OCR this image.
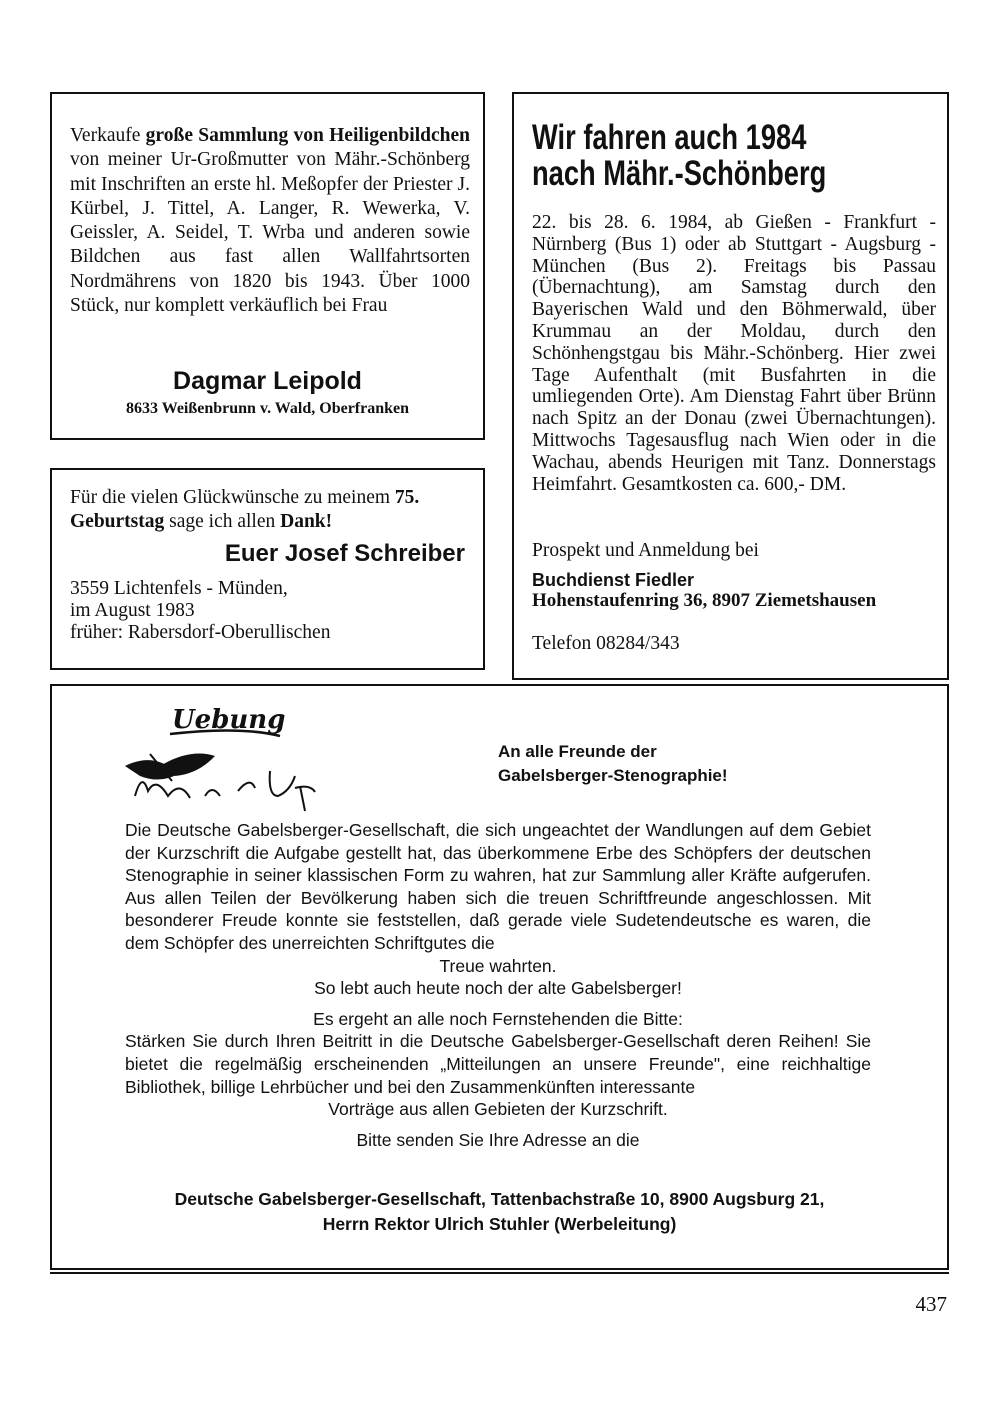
Verkaufe große Sammlung von Heiligenbildchen von meiner Ur-Großmutter von Mähr.-Schönberg mit Inschriften an erste hl. Meßopfer der Priester J. Kürbel, J. Tittel, A. Langer, R. Wewerka, V. Geissler, A. Seidel, T. Wrba und anderen sowie Bildchen aus fast allen Wallfahrtsorten Nordmährens von 1820 bis 1943. Über 1000 Stück, nur komplett verkäuflich bei Frau

Dagmar Leipold
8633 Weißenbrunn v. Wald, Oberfranken

Für die vielen Glückwünsche zu meinem 75. Geburtstag sage ich allen Dank!

Euer Josef Schreiber
3559 Lichtenfels - Münden,
im August 1983
früher: Rabersdorf-Oberullischen
Wir fahren auch 1984
nach Mähr.-Schönberg

22. bis 28. 6. 1984, ab Gießen - Frankfurt - Nürnberg (Bus 1) oder ab Stuttgart - Augsburg - München (Bus 2). Freitags bis Passau (Übernachtung), am Samstag durch den Bayerischen Wald und den Böhmerwald, über Krummau an der Moldau, durch den Schönhengstgau bis Mähr.-Schönberg. Hier zwei Tage Aufenthalt (mit Busfahrten in die umliegenden Orte). Am Dienstag Fahrt über Brünn nach Spitz an der Donau (zwei Übernachtungen). Mittwochs Tagesausflug nach Wien oder in die Wachau, abends Heurigen mit Tanz. Donnerstags Heimfahrt. Gesamtkosten ca. 600,- DM.

Prospekt und Anmeldung bei
Buchdienst Fiedler
Hohenstaufenring 36, 8907 Ziemetshausen
Telefon 08284/343
Uebung
An alle Freunde der
Gabelsberger-Stenographie!

Die Deutsche Gabelsberger-Gesellschaft, die sich ungeachtet der Wandlungen auf dem Gebiet der Kurzschrift die Aufgabe gestellt hat, das überkommene Erbe des Schöpfers der deutschen Stenographie in seiner klassischen Form zu wahren, hat zur Sammlung aller Kräfte aufgerufen. Aus allen Teilen der Bevölkerung haben sich die treuen Schriftfreunde angeschlossen. Mit besonderer Freude konnte sie feststellen, daß gerade viele Sudetendeutsche es waren, die dem Schöpfer des unerreichten Schriftgutes die

Treue wahrten.

So lebt auch heute noch der alte Gabelsberger!

Es ergeht an alle noch Fernstehenden die Bitte:

Stärken Sie durch Ihren Beitritt in die Deutsche Gabelsberger-Gesellschaft deren Reihen! Sie bietet die regelmäßig erscheinenden „Mitteilungen an unsere Freunde", eine reichhaltige Bibliothek, billige Lehrbücher und bei den Zusammenkünften interessante

Vorträge aus allen Gebieten der Kurzschrift.

Bitte senden Sie Ihre Adresse an die

Deutsche Gabelsberger-Gesellschaft, Tattenbachstraße 10, 8900 Augsburg 21,
Herrn Rektor Ulrich Stuhler (Werbeleitung)
437
